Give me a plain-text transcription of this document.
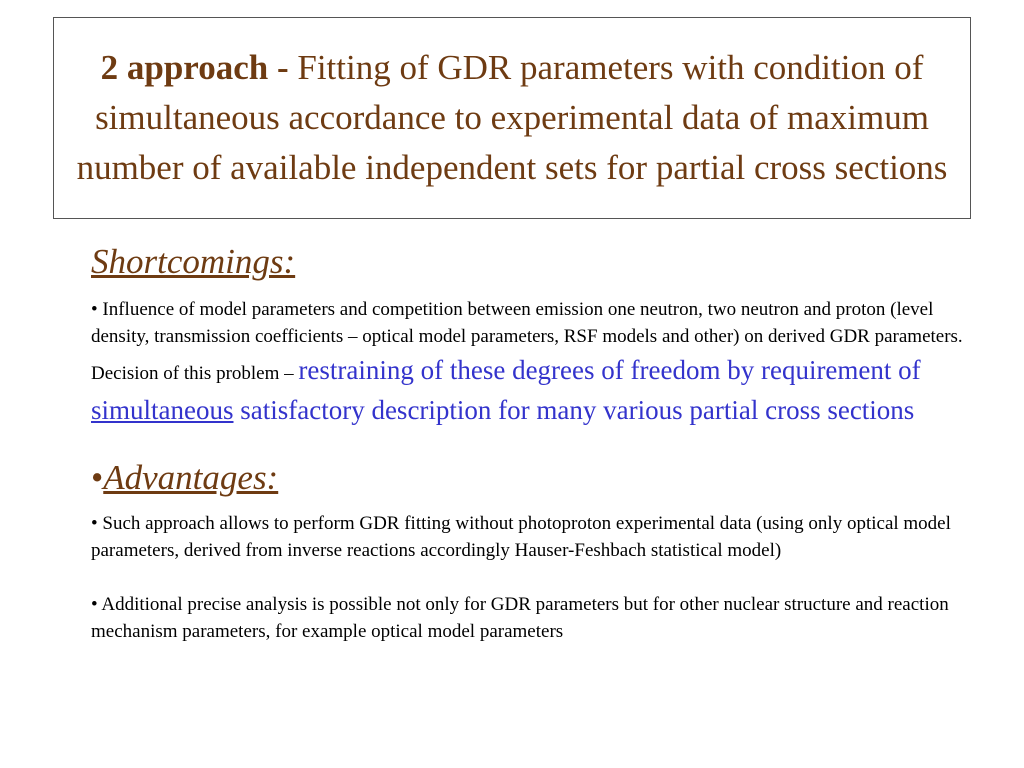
2 approach - Fitting of GDR parameters with condition of simultaneous accordance to experimental data of maximum number of available independent sets for partial cross sections

Shortcomings:

• Influence of model parameters and competition between emission one neutron, two neutron and proton (level density, transmission coefficients – optical model parameters, RSF models and other) on derived GDR parameters. Decision of this problem – restraining of these degrees of freedom by requirement of simultaneous satisfactory description for many various partial cross sections

•Advantages:

• Such approach allows to perform GDR fitting without photoproton experimental data (using only optical model parameters, derived from inverse reactions accordingly Hauser-Feshbach statistical model)

• Additional precise analysis is possible not only for GDR parameters but for other nuclear structure and reaction mechanism parameters, for example optical model parameters
